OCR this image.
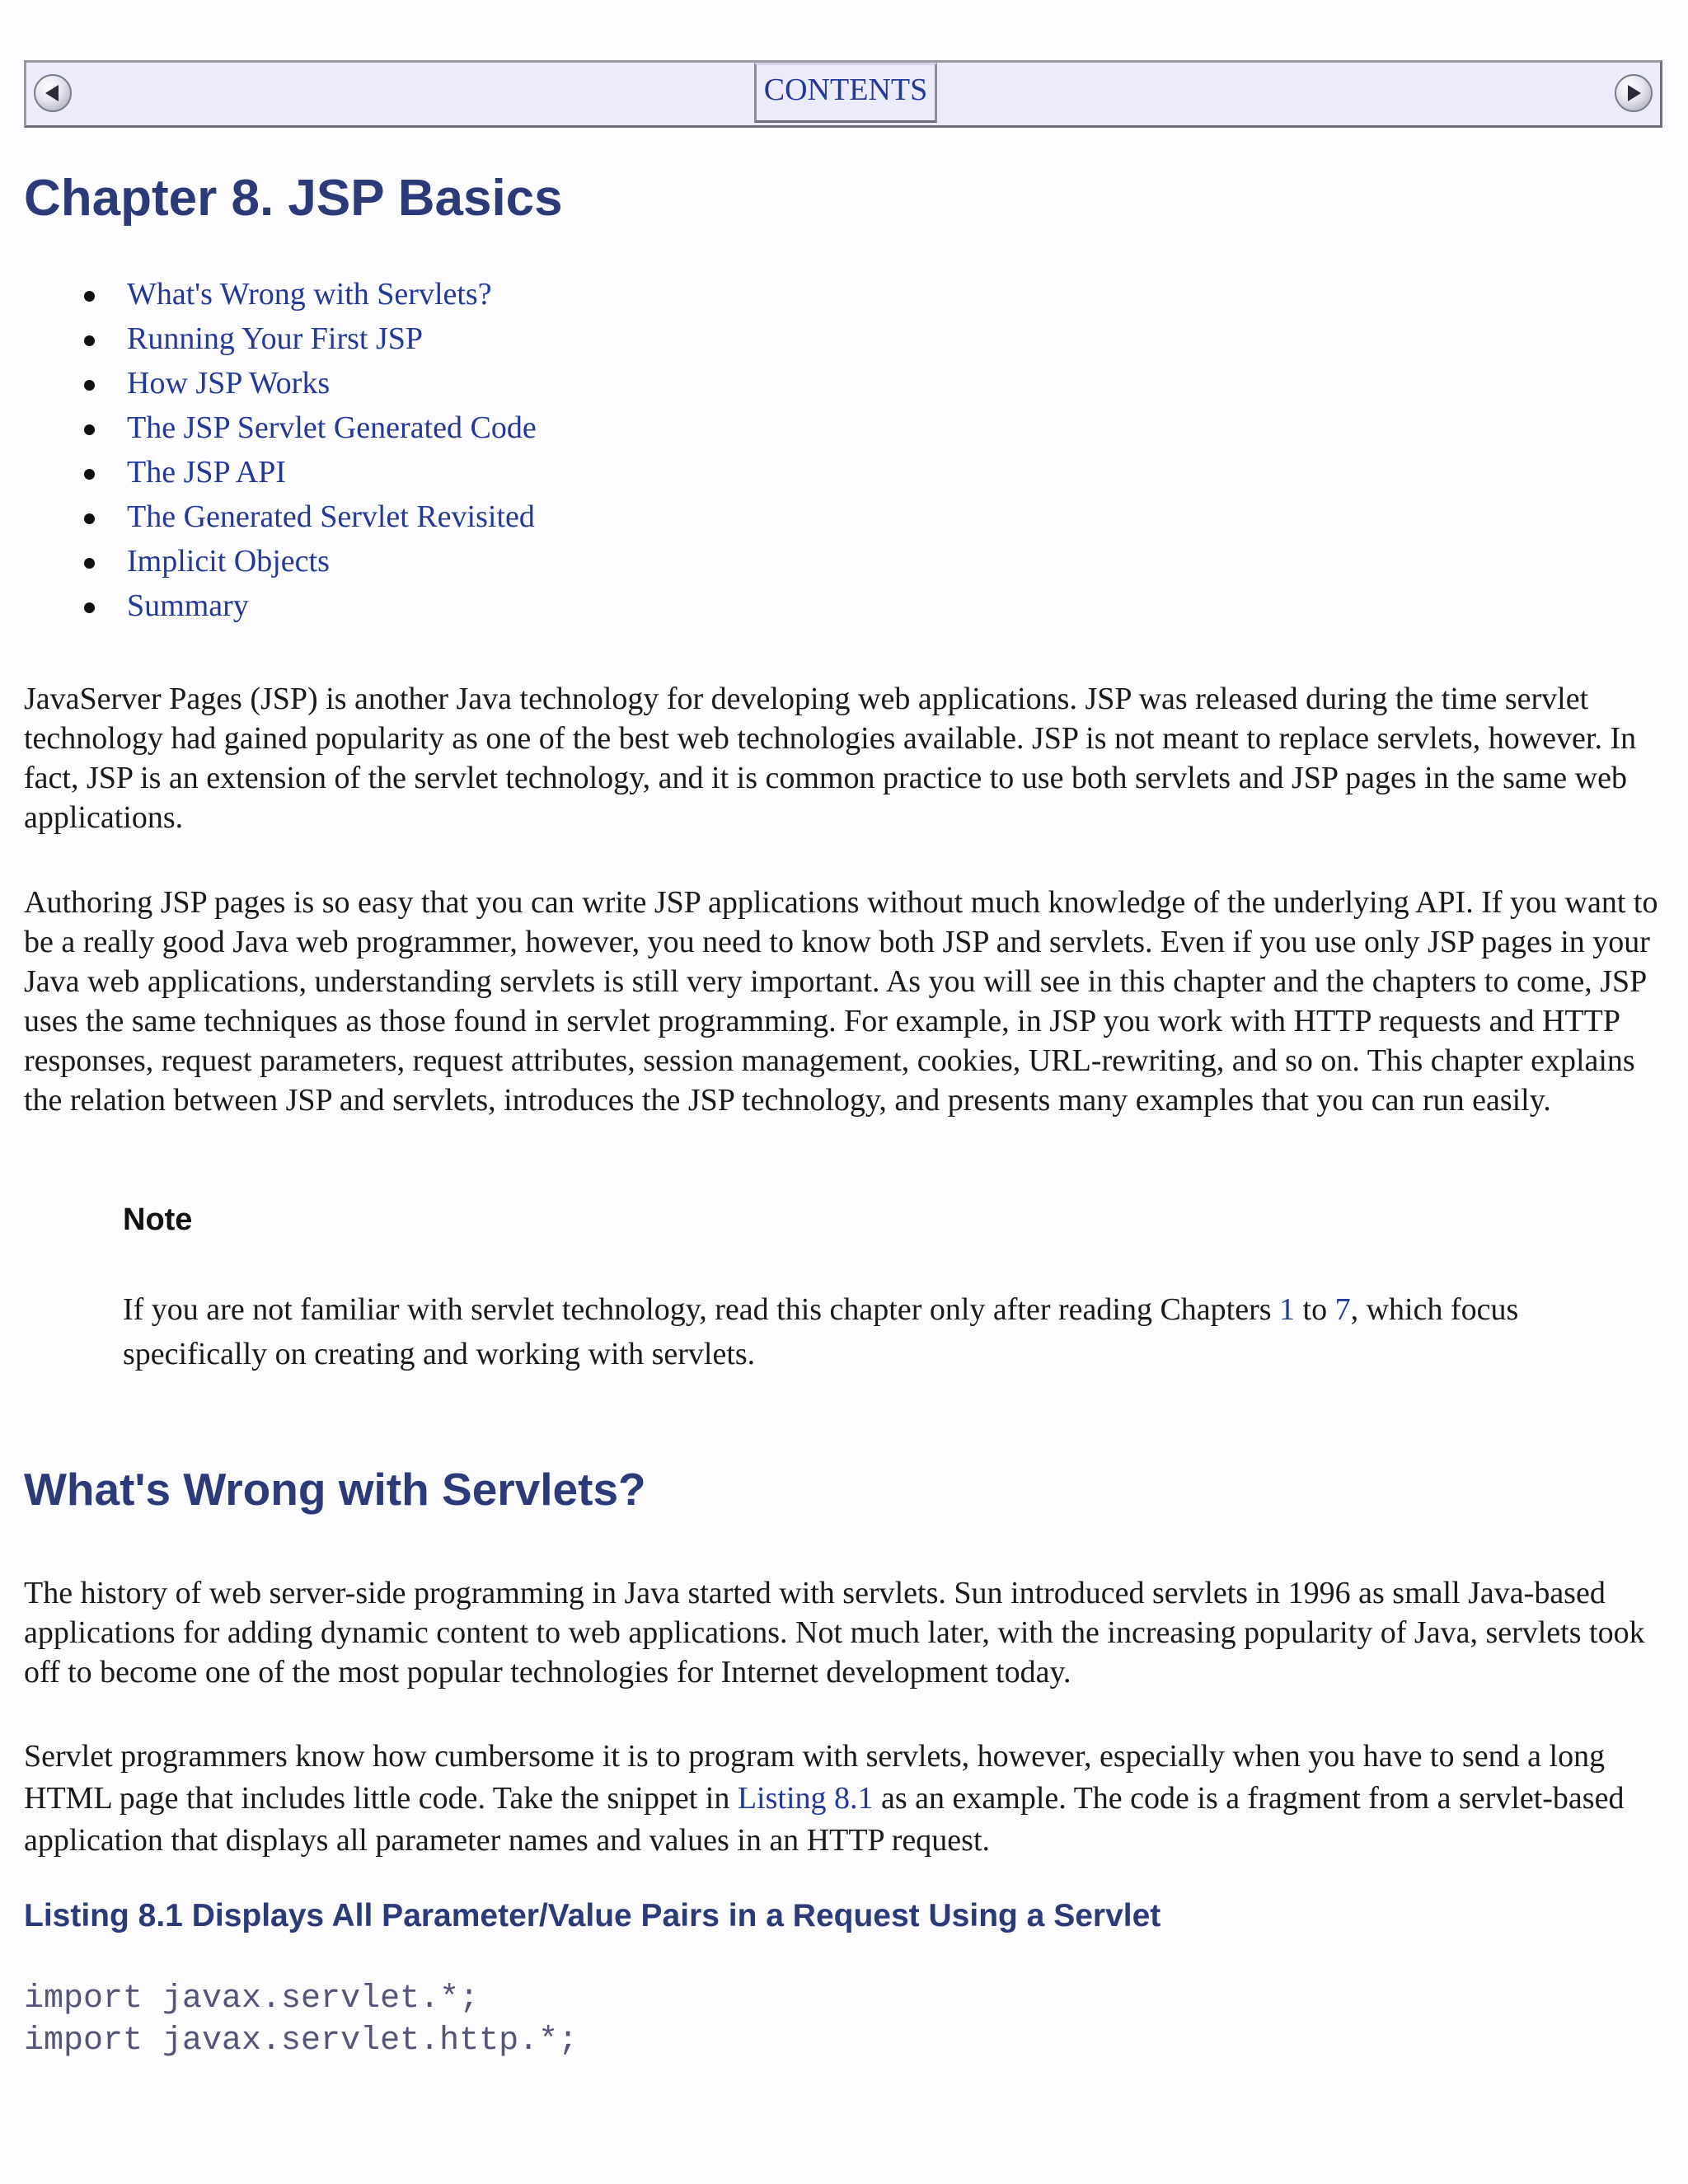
CONTENTS
Chapter 8. JSP Basics
What's Wrong with Servlets?
Running Your First JSP
How JSP Works
The JSP Servlet Generated Code
The JSP API
The Generated Servlet Revisited
Implicit Objects
Summary

JavaServer Pages (JSP) is another Java technology for developing web applications. JSP was released during the time servlet technology had gained popularity as one of the best web technologies available. JSP is not meant to replace servlets, however. In fact, JSP is an extension of the servlet technology, and it is common practice to use both servlets and JSP pages in the same web applications.

Authoring JSP pages is so easy that you can write JSP applications without much knowledge of the underlying API. If you want to be a really good Java web programmer, however, you need to know both JSP and servlets. Even if you use only JSP pages in your Java web applications, understanding servlets is still very important. As you will see in this chapter and the chapters to come, JSP uses the same techniques as those found in servlet programming. For example, in JSP you work with HTTP requests and HTTP responses, request parameters, request attributes, session management, cookies, URL-rewriting, and so on. This chapter explains the relation between JSP and servlets, introduces the JSP technology, and presents many examples that you can run easily.

Note
If you are not familiar with servlet technology, read this chapter only after reading Chapters 1 to 7, which focus specifically on creating and working with servlets.
What's Wrong with Servlets?

The history of web server-side programming in Java started with servlets. Sun introduced servlets in 1996 as small Java-based applications for adding dynamic content to web applications. Not much later, with the increasing popularity of Java, servlets took off to become one of the most popular technologies for Internet development today.

Servlet programmers know how cumbersome it is to program with servlets, however, especially when you have to send a long HTML page that includes little code. Take the snippet in Listing 8.1 as an example. The code is a fragment from a servlet-based application that displays all parameter names and values in an HTTP request.

Listing 8.1 Displays All Parameter/Value Pairs in a Request Using a Servlet
import javax.servlet.*;
import javax.servlet.http.*;
